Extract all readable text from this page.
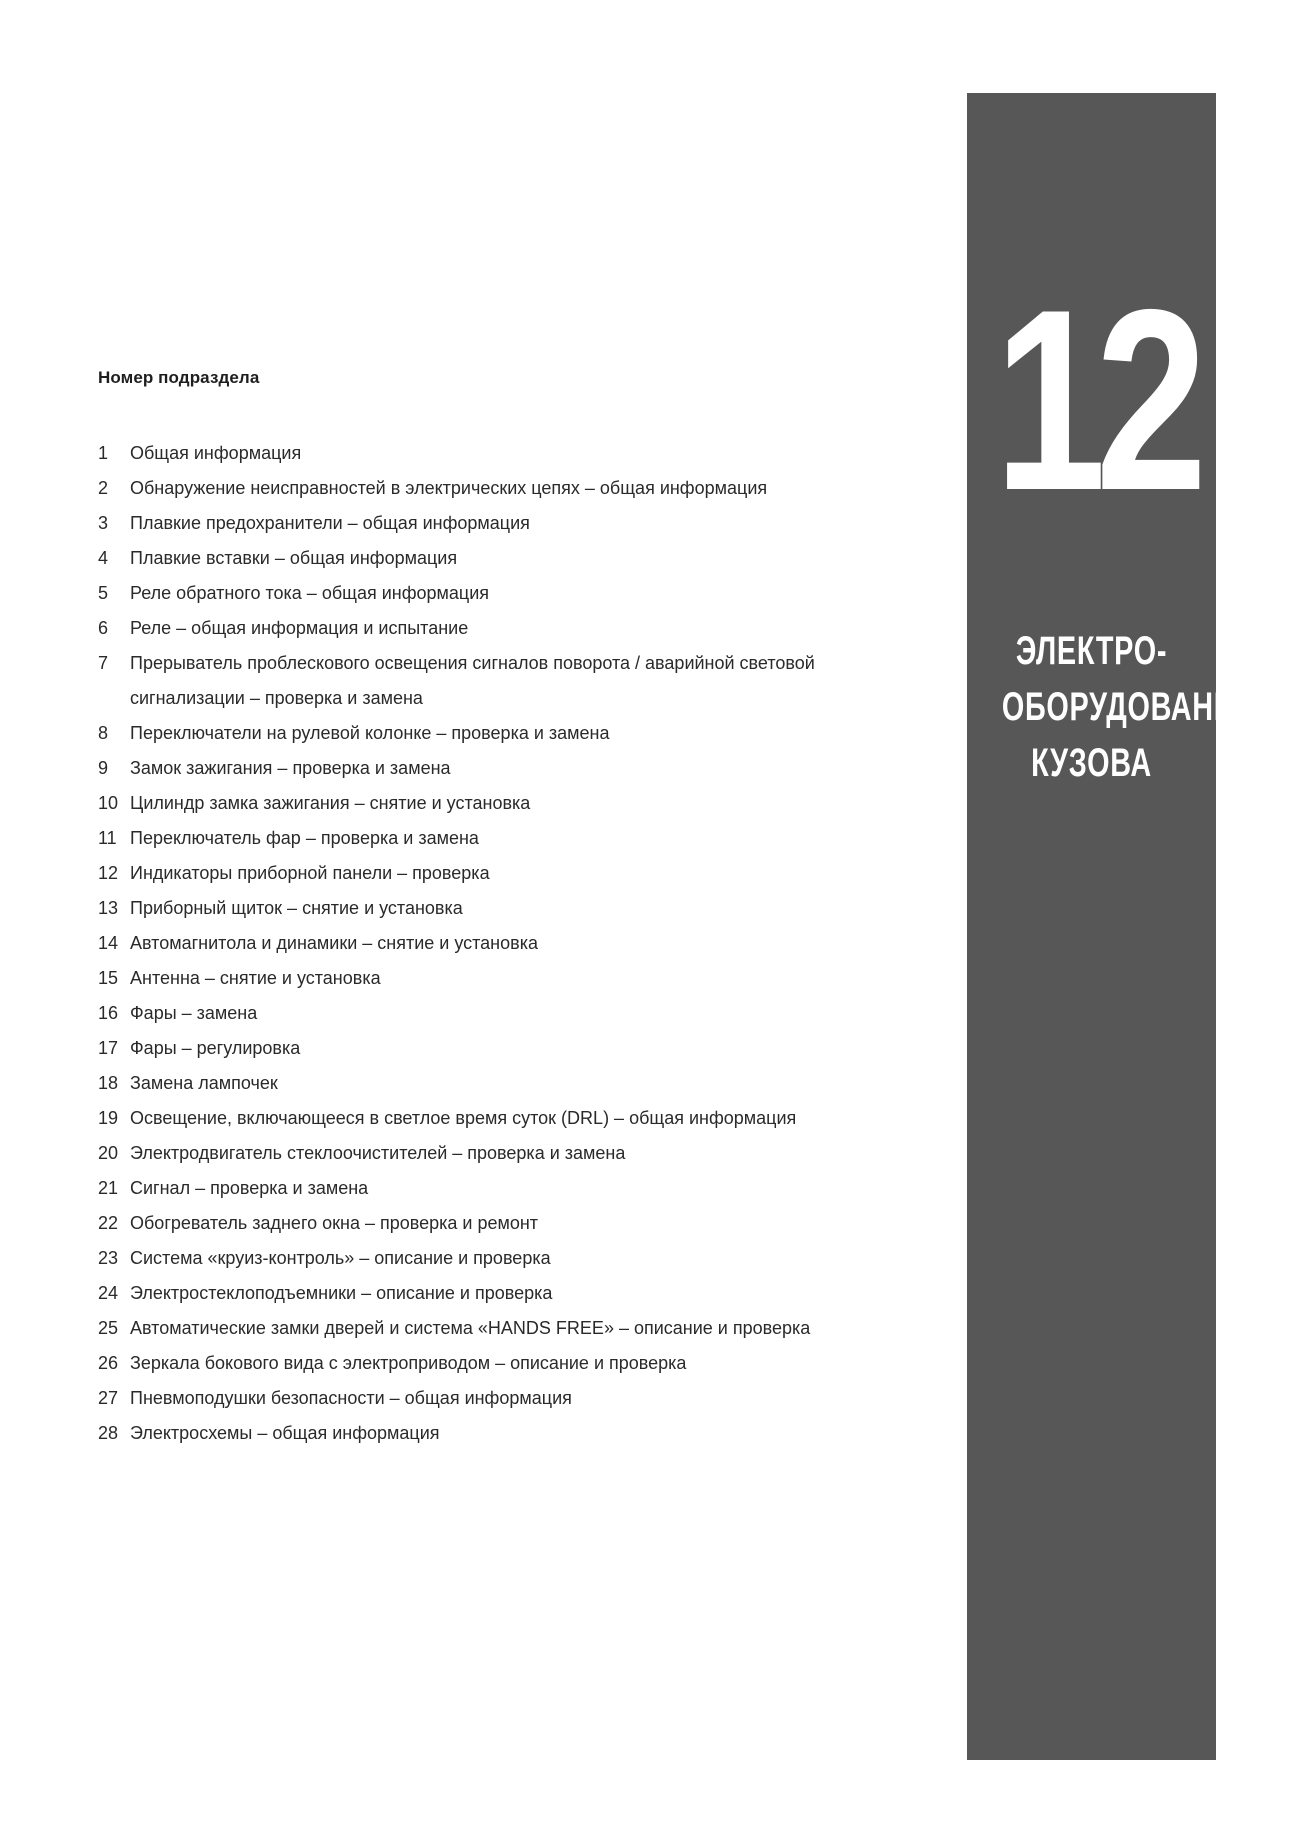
Номер подраздела
1	Общая информация
2	Обнаружение неисправностей в электрических цепях – общая информация
3	Плавкие предохранители – общая информация
4	Плавкие вставки – общая информация
5	Реле обратного тока – общая информация
6	Реле – общая информация и испытание
7	Прерыватель проблескового освещения сигналов поворота / аварийной световой сигнализации – проверка и замена
8	Переключатели на рулевой колонке – проверка и замена
9	Замок зажигания – проверка и замена
10 Цилиндр замка зажигания – снятие и установка
11 Переключатель фар – проверка и замена
12 Индикаторы приборной панели – проверка
13 Приборный щиток – снятие и установка
14 Автомагнитола и динамики – снятие и установка
15 Антенна – снятие и установка
16 Фары – замена
17 Фары – регулировка
18 Замена лампочек
19 Освещение, включающееся в светлое время суток (DRL) – общая информация
20 Электродвигатель стеклоочистителей – проверка и замена
21 Сигнал – проверка и замена
22 Обогреватель заднего окна – проверка и ремонт
23 Система «круиз-контроль» – описание и проверка
24 Электростеклоподъемники – описание и проверка
25 Автоматические замки дверей и система «HANDS FREE» – описание и проверка
26 Зеркала бокового вида с электроприводом – описание и проверка
27 Пневмоподушки безопасности – общая информация
28 Электросхемы – общая информация
12
ЭЛЕКТРО-
ОБОРУДОВАНИЕ
КУЗОВА
